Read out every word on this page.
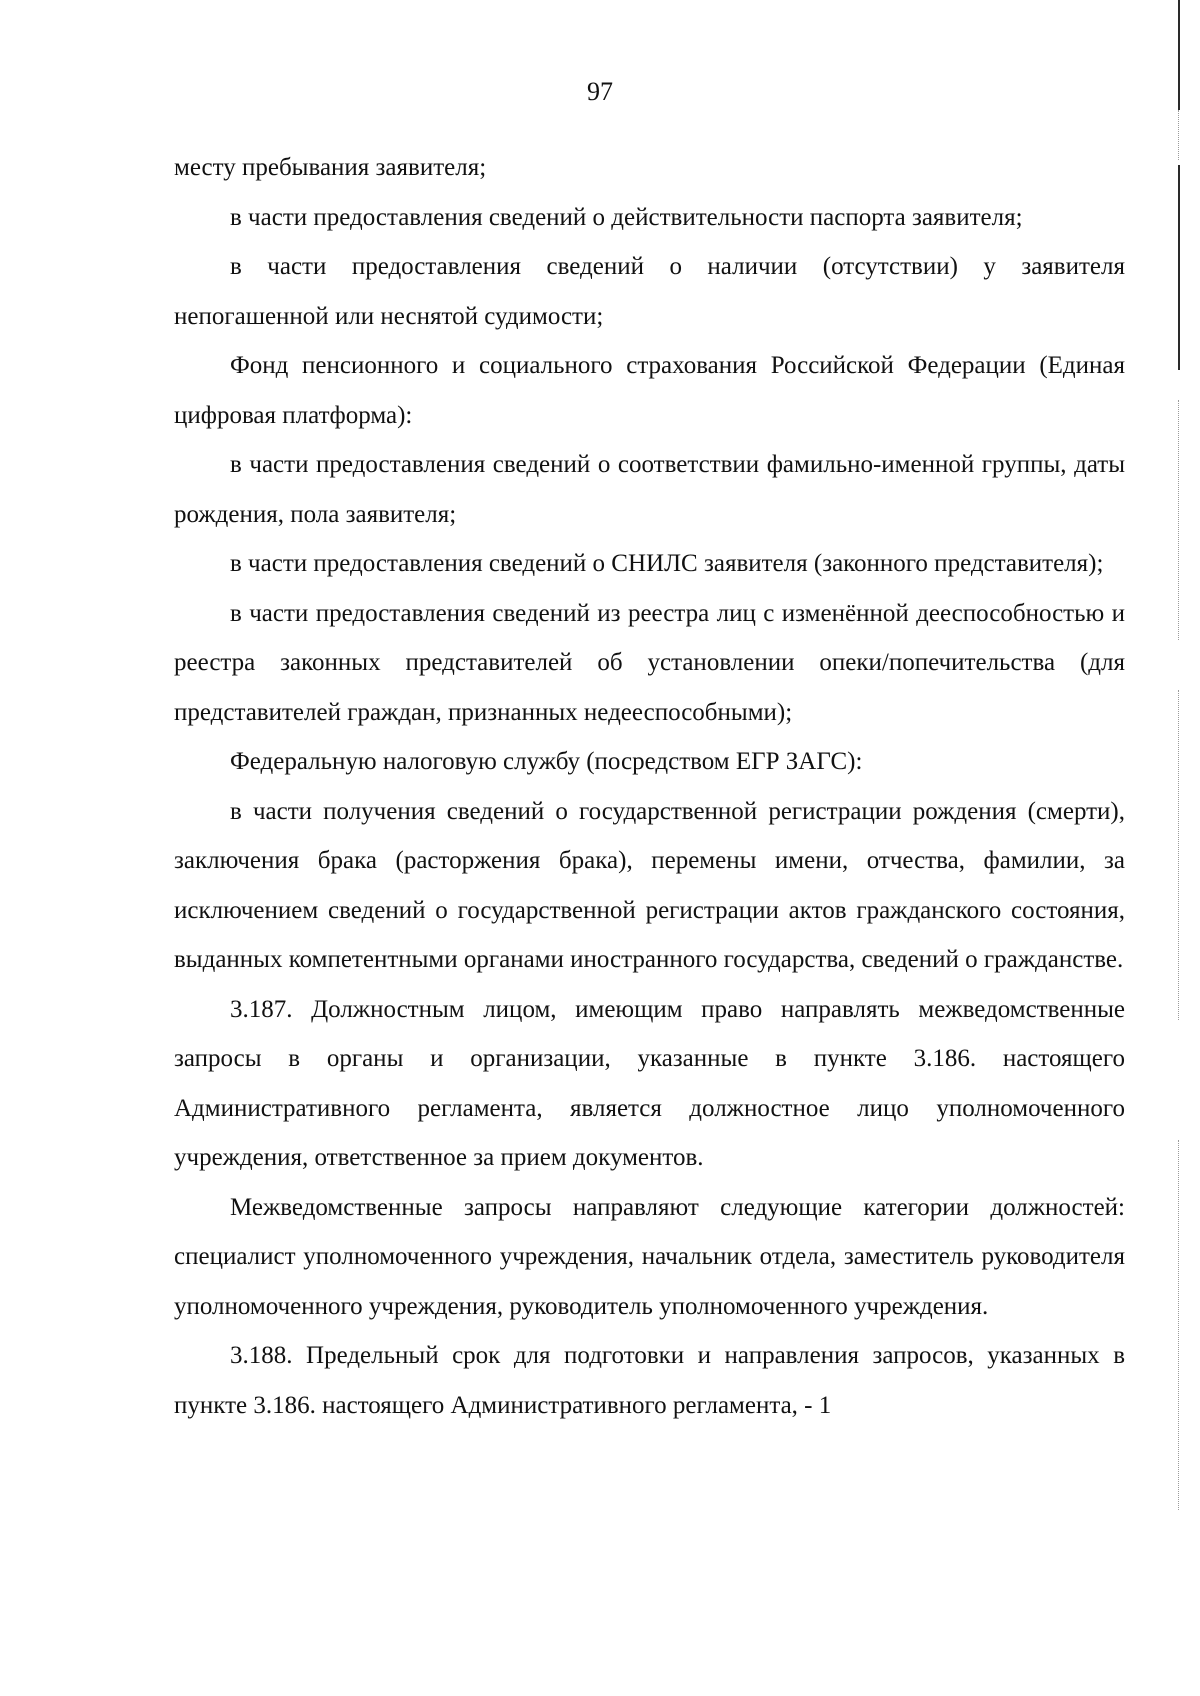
97

месту пребывания заявителя;

в части предоставления сведений о действительности паспорта заявителя;

в части предоставления сведений о наличии (отсутствии) у заявителя непогашенной или неснятой судимости;

Фонд пенсионного и социального страхования Российской Федерации (Единая цифровая платформа):

в части предоставления сведений о соответствии фамильно-именной группы, даты рождения, пола заявителя;

в части предоставления сведений о СНИЛС заявителя (законного представителя);

в части предоставления сведений из реестра лиц с изменённой дееспособностью и реестра законных представителей об установлении опеки/попечительства (для представителей граждан, признанных недееспособными);

Федеральную налоговую службу (посредством ЕГР ЗАГС):

в части получения сведений о государственной регистрации рождения (смерти), заключения брака (расторжения брака), перемены имени, отчества, фамилии, за исключением сведений о государственной регистрации актов гражданского состояния, выданных компетентными органами иностранного государства, сведений о гражданстве.

3.187. Должностным лицом, имеющим право направлять межведомственные запросы в органы и организации, указанные в пункте 3.186. настоящего Административного регламента, является должностное лицо уполномоченного учреждения, ответственное за прием документов.

Межведомственные запросы направляют следующие категории должностей: специалист уполномоченного учреждения, начальник отдела, заместитель руководителя уполномоченного учреждения, руководитель уполномоченного учреждения.

3.188. Предельный срок для подготовки и направления запросов, указанных в пункте 3.186. настоящего Административного регламента, - 1
